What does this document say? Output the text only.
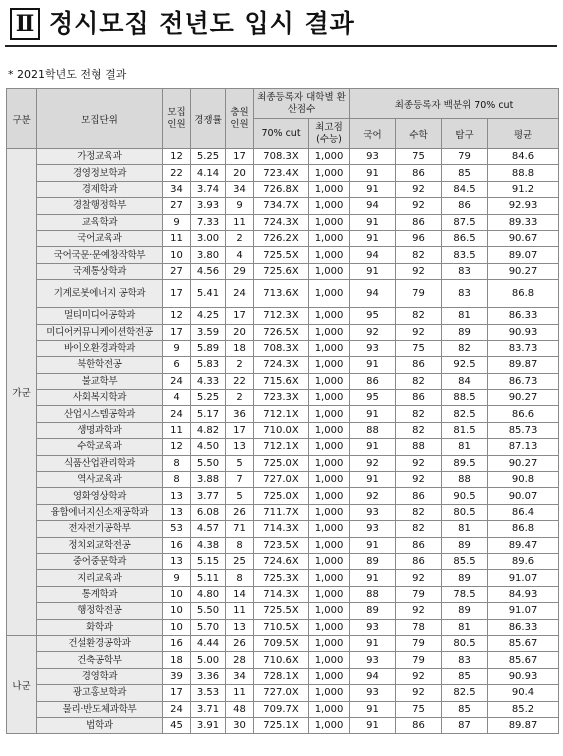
Ⅱ 정시모집 전년도 입시 결과
* 2021학년도 전형 결과
구분	모집단위	모집 인원	경쟁률	충원 인원	최종등록자 대학별 환산점수		최종등록자 백분위 70% cut			
					70% cut	최고점 (수능)	국어	수학	탐구	평균
가군	가정교육과	12	5.25	17	708.3X	1,000	93	75	79	84.6
	경영정보학과	22	4.14	20	723.4X	1,000	91	86	85	88.8
	경제학과	34	3.74	34	726.8X	1,000	91	92	84.5	91.2
	경찰행정학부	27	3.93	9	734.7X	1,000	94	92	86	92.93
	교육학과	9	7.33	11	724.3X	1,000	91	86	87.5	89.33
	국어교육과	11	3.00	2	726.2X	1,000	91	96	86.5	90.67
	국어국문·문예창작학부	10	3.80	4	725.5X	1,000	94	82	83.5	89.07
	국제통상학과	27	4.56	29	725.6X	1,000	91	92	83	90.27
	기계로봇에너지 공학과	17	5.41	24	713.6X	1,000	94	79	83	86.8
	멀티미디어공학과	12	4.25	17	712.3X	1,000	95	82	81	86.33
	미디어커뮤니케이션학전공	17	3.59	20	726.5X	1,000	92	92	89	90.93
	바이오환경과학과	9	5.89	18	708.3X	1,000	93	75	82	83.73
	북한학전공	6	5.83	2	724.3X	1,000	91	86	92.5	89.87
	불교학부	24	4.33	22	715.6X	1,000	86	82	84	86.73
	사회복지학과	4	5.25	2	723.3X	1,000	95	86	88.5	90.27
	산업시스템공학과	24	5.17	36	712.1X	1,000	91	82	82.5	86.6
	생명과학과	11	4.82	17	710.0X	1,000	88	82	81.5	85.73
	수학교육과	12	4.50	13	712.1X	1,000	91	88	81	87.13
	식품산업관리학과	8	5.50	5	725.0X	1,000	92	92	89.5	90.27
	역사교육과	8	3.88	7	727.0X	1,000	91	92	88	90.8
	영화영상학과	13	3.77	5	725.0X	1,000	92	86	90.5	90.07
	융합에너지신소재공학과	13	6.08	26	711.7X	1,000	93	82	80.5	86.4
	전자전기공학부	53	4.57	71	714.3X	1,000	93	82	81	86.8
	정치외교학전공	16	4.38	8	723.5X	1,000	91	86	89	89.47
	중어중문학과	13	5.15	25	724.6X	1,000	89	86	85.5	89.6
	지리교육과	9	5.11	8	725.3X	1,000	91	92	89	91.07
	통계학과	10	4.80	14	714.3X	1,000	88	79	78.5	84.93
	행정학전공	10	5.50	11	725.5X	1,000	89	92	89	91.07
	화학과	10	5.70	13	710.5X	1,000	93	78	81	86.33
나군	건설환경공학과	16	4.44	26	709.5X	1,000	91	79	80.5	85.67
	건축공학부	18	5.00	28	710.6X	1,000	93	79	83	85.67
	경영학과	39	3.36	34	728.1X	1,000	94	92	85	90.93
	광고홍보학과	17	3.53	11	727.0X	1,000	93	92	82.5	90.4
	물리·반도체과학부	24	3.71	48	709.7X	1,000	91	75	85	85.2
	법학과	45	3.91	30	725.1X	1,000	91	86	87	89.87
